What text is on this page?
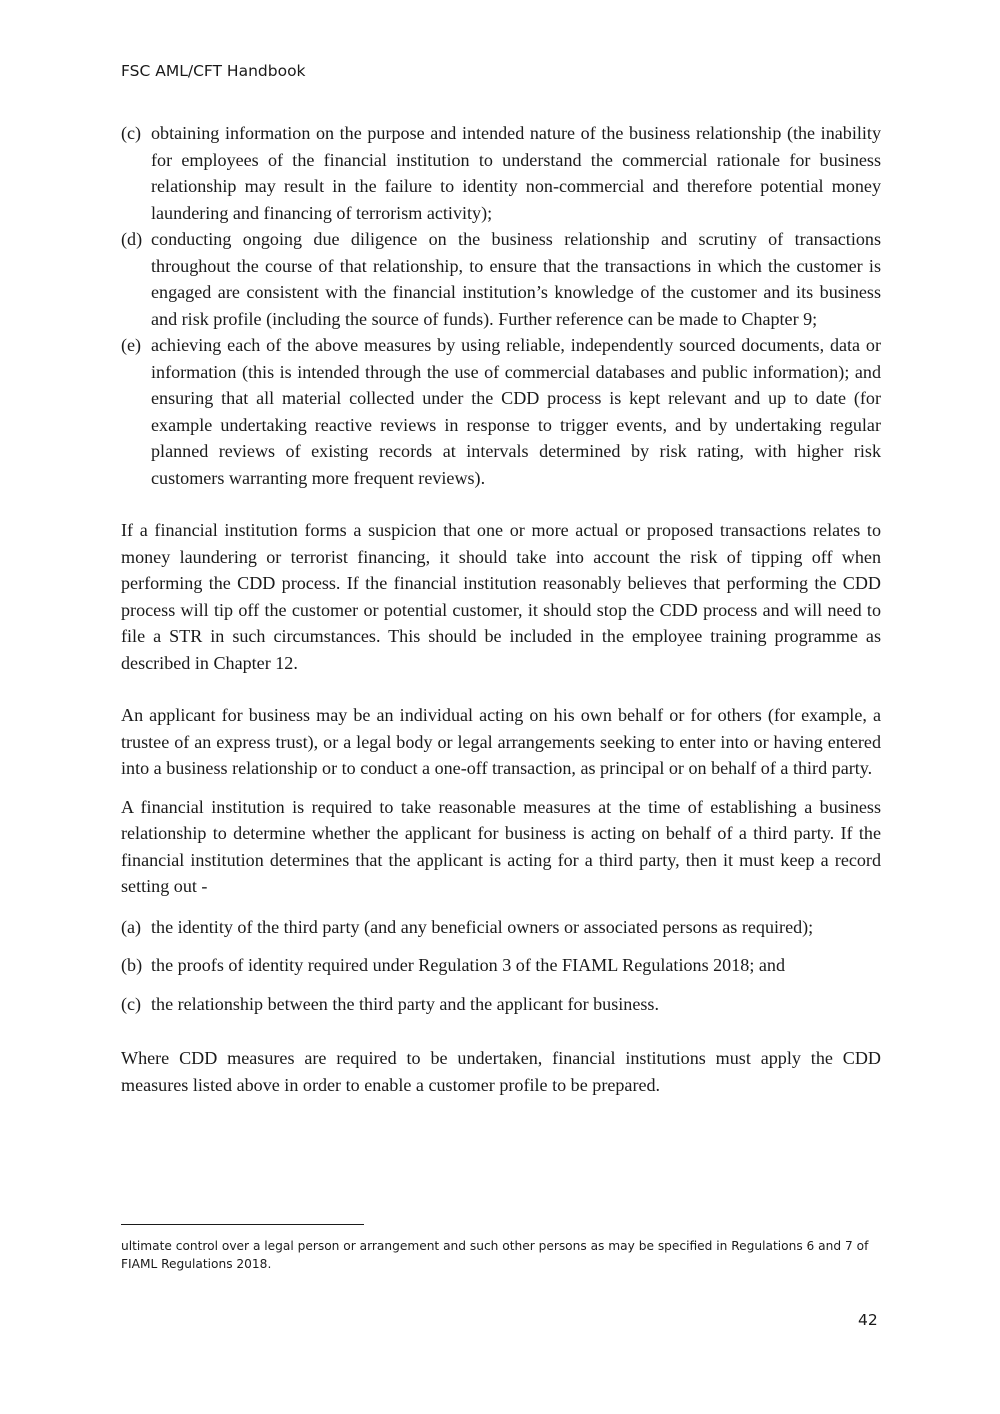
FSC AML/CFT Handbook
(c) obtaining information on the purpose and intended nature of the business relationship (the inability for employees of the financial institution to understand the commercial rationale for business relationship may result in the failure to identity non-commercial and therefore potential money laundering and financing of terrorism activity);
(d) conducting ongoing due diligence on the business relationship and scrutiny of transactions throughout the course of that relationship, to ensure that the transactions in which the customer is engaged are consistent with the financial institution’s knowledge of the customer and its business and risk profile (including the source of funds). Further reference can be made to Chapter 9;
(e) achieving each of the above measures by using reliable, independently sourced documents, data or information (this is intended through the use of commercial databases and public information); and ensuring that all material collected under the CDD process is kept relevant and up to date (for example undertaking reactive reviews in response to trigger events, and by undertaking regular planned reviews of existing records at intervals determined by risk rating, with higher risk customers warranting more frequent reviews).

If a financial institution forms a suspicion that one or more actual or proposed transactions relates to money laundering or terrorist financing, it should take into account the risk of tipping off when performing the CDD process. If the financial institution reasonably believes that performing the CDD process will tip off the customer or potential customer, it should stop the CDD process and will need to file a STR in such circumstances. This should be included in the employee training programme as described in Chapter 12.

An applicant for business may be an individual acting on his own behalf or for others (for example, a trustee of an express trust), or a legal body or legal arrangements seeking to enter into or having entered into a business relationship or to conduct a one-off transaction, as principal or on behalf of a third party.

A financial institution is required to take reasonable measures at the time of establishing a business relationship to determine whether the applicant for business is acting on behalf of a third party. If the financial institution determines that the applicant is acting for a third party, then it must keep a record setting out -

(a) the identity of the third party (and any beneficial owners or associated persons as required);
(b) the proofs of identity required under Regulation 3 of the FIAML Regulations 2018; and
(c) the relationship between the third party and the applicant for business.

Where CDD measures are required to be undertaken, financial institutions must apply the CDD measures listed above in order to enable a customer profile to be prepared.

ultimate control over a legal person or arrangement and such other persons as may be specified in Regulations 6 and 7 of FIAML Regulations 2018.
42
